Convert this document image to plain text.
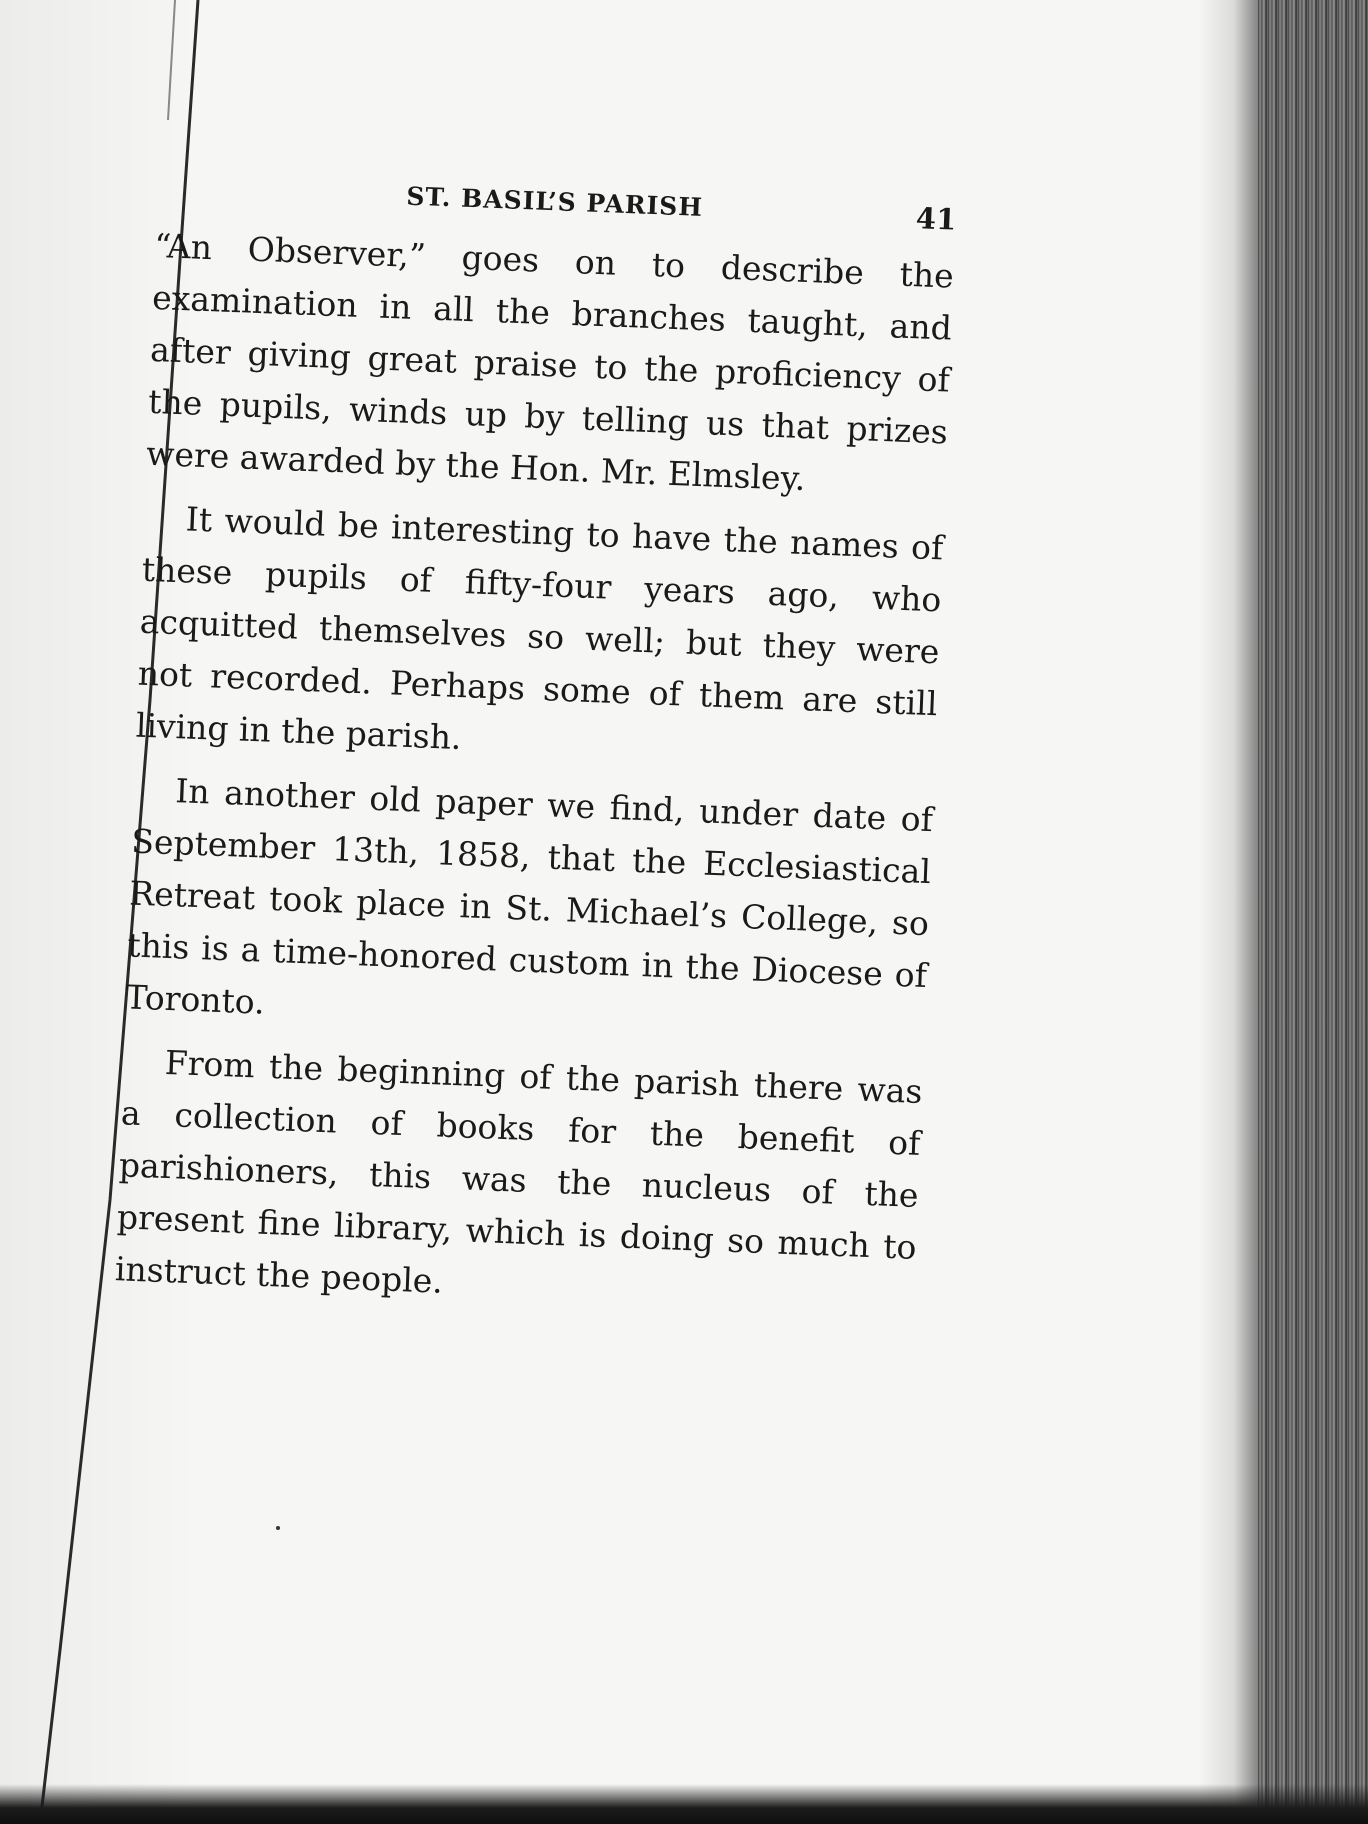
ST. BASIL’S PARISH	41

“An Observer,” goes on to describe the examination in all the branches taught, and after giving great praise to the proficiency of the pupils, winds up by telling us that prizes were awarded by the Hon. Mr. Elmsley.

It would be interesting to have the names of these pupils of fifty-four years ago, who acquitted themselves so well; but they were not recorded. Perhaps some of them are still living in the parish.

In another old paper we find, under date of September 13th, 1858, that the Ecclesiastical Retreat took place in St. Michael’s College, so this is a time-honored custom in the Diocese of Toronto.

From the beginning of the parish there was a collection of books for the benefit of parishioners, this was the nucleus of the present fine library, which is doing so much to instruct the people.
